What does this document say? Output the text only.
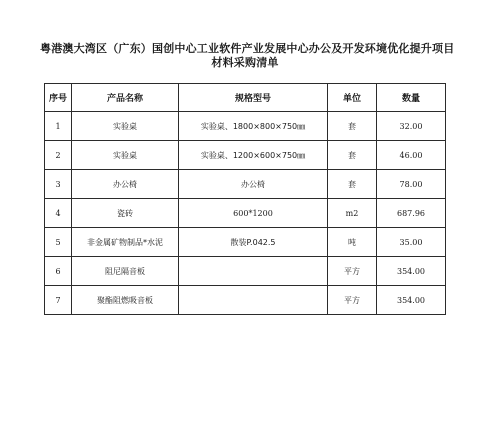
粤港澳大湾区（广东）国创中心工业软件产业发展中心办公及开发环境优化提升项目
材料采购清单
序号	产品名称	规格型号	单位	数量
1	实验桌	实验桌、1800×800×750㎜	套	32.00
2	实验桌	实验桌、1200×600×750㎜	套	46.00
3	办公椅	办公椅	套	78.00
4	瓷砖	600*1200	m2	687.96
5	非金属矿物制品*水泥	散装P.042.5	吨	35.00
6	阻尼隔音板		平方	354.00
7	聚酯阻燃吸音板		平方	354.00
